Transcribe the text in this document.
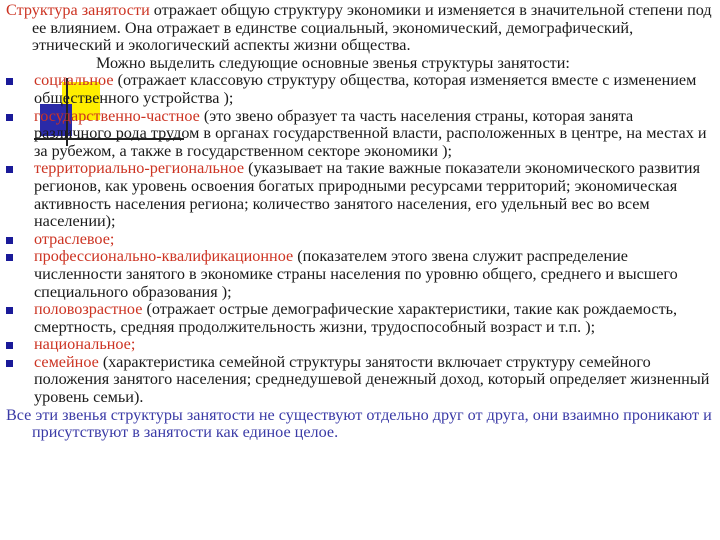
Структура занятости отражает общую структуру экономики и изменяется в значительной степени под ее влиянием. Она отражает в единстве социальный, экономический, демографический, этнический и экологический аспекты жизни общества.

Можно выделить следующие основные звенья структуры занятости:

социальное (отражает классовую структуру общества, которая изменяется вместе с изменением общественного устройства );
государственно-частное (это звено образует та часть населения страны, которая занята различного рода трудом в органах государственной власти, расположенных в центре, на местах и за рубежом, а также в государственном секторе экономики );
территориально-региональное (указывает на такие важные показатели экономического развития регионов, как уровень освоения богатых природными ресурсами территорий; экономическая активность населения региона; количество занятого населения, его удельный вес во всем населении);
отраслевое;
профессионально-квалификационное (показателем этого звена служит распределение численности занятого в экономике страны населения по уровню общего, среднего и высшего специального образования );
половозрастное (отражает острые демографические характеристики, такие как рождаемость, смертность, средняя продолжительность жизни, трудоспособный возраст и т.п. );
национальное;
семейное (характеристика семейной структуры занятости включает структуру семейного положения занятого населения; среднедушевой денежный доход, который определяет жизненный уровень семьи).

Все эти звенья структуры занятости не существуют отдельно друг от друга, они взаимно проникают и присутствуют в занятости как единое целое.
